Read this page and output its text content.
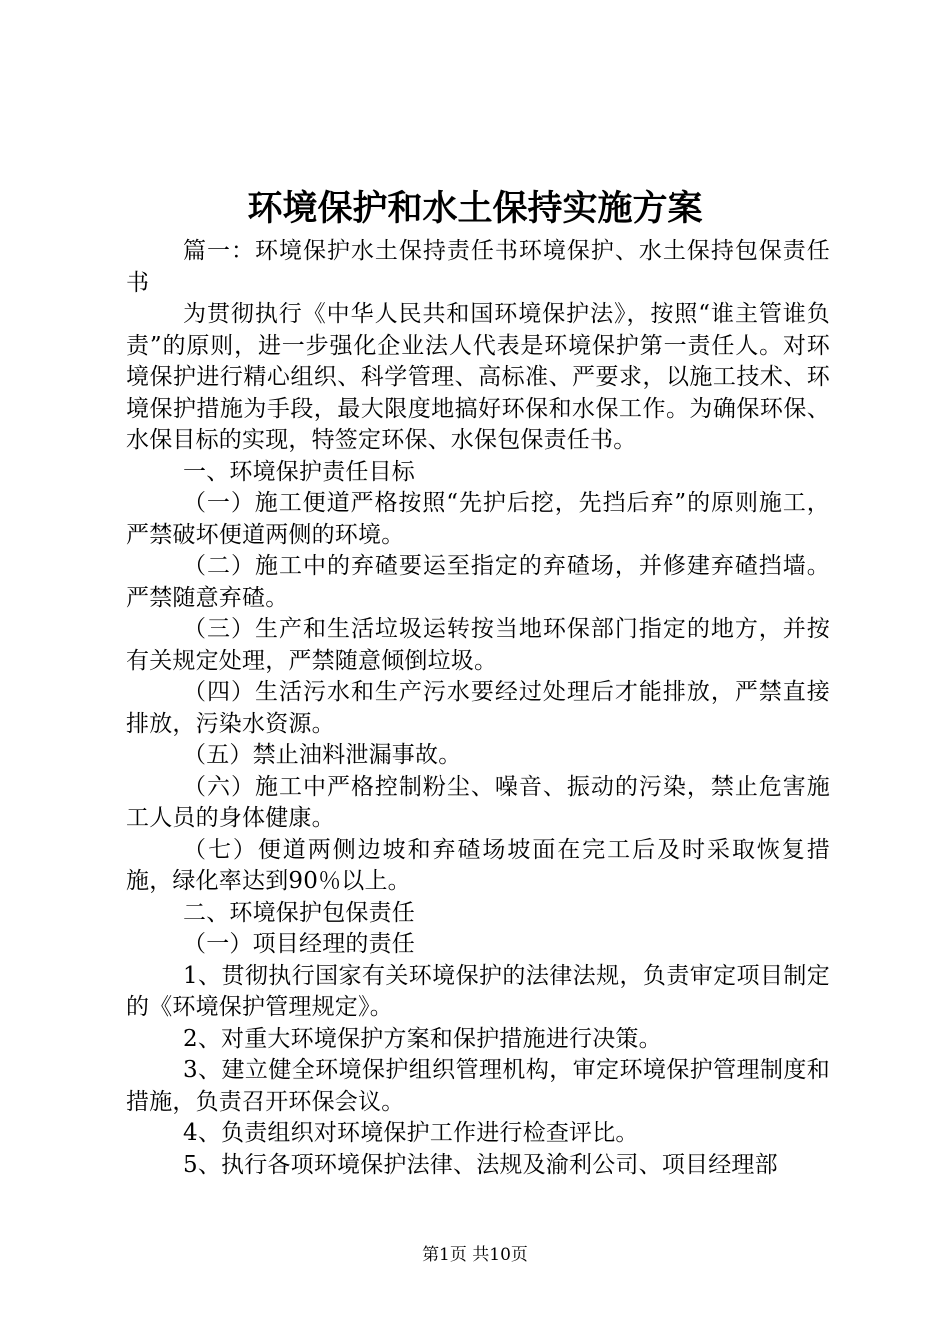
环境保护和水土保持实施方案

篇一：环境保护水土保持责任书环境保护、水土保持包保责任书

为贯彻执行《中华人民共和国环境保护法》，按照“谁主管谁负责”的原则，进一步强化企业法人代表是环境保护第一责任人。对环境保护进行精心组织、科学管理、高标准、严要求，以施工技术、环境保护措施为手段，最大限度地搞好环保和水保工作。为确保环保、水保目标的实现，特签定环保、水保包保责任书。

一、环境保护责任目标

（一）施工便道严格按照“先护后挖，先挡后弃”的原则施工，严禁破坏便道两侧的环境。

（二）施工中的弃碴要运至指定的弃碴场，并修建弃碴挡墙。严禁随意弃碴。

（三）生产和生活垃圾运转按当地环保部门指定的地方，并按有关规定处理，严禁随意倾倒垃圾。

（四）生活污水和生产污水要经过处理后才能排放，严禁直接排放，污染水资源。

（五）禁止油料泄漏事故。

（六）施工中严格控制粉尘、噪音、振动的污染，禁止危害施工人员的身体健康。

（七）便道两侧边坡和弃碴场坡面在完工后及时采取恢复措施，绿化率达到90％以上。

二、环境保护包保责任

（一）项目经理的责任

1、贯彻执行国家有关环境保护的法律法规，负责审定项目制定的《环境保护管理规定》。

2、对重大环境保护方案和保护措施进行决策。

3、建立健全环境保护组织管理机构，审定环境保护管理制度和措施，负责召开环保会议。

4、负责组织对环境保护工作进行检查评比。

5、执行各项环境保护法律、法规及渝利公司、项目经理部

第1页 共10页
